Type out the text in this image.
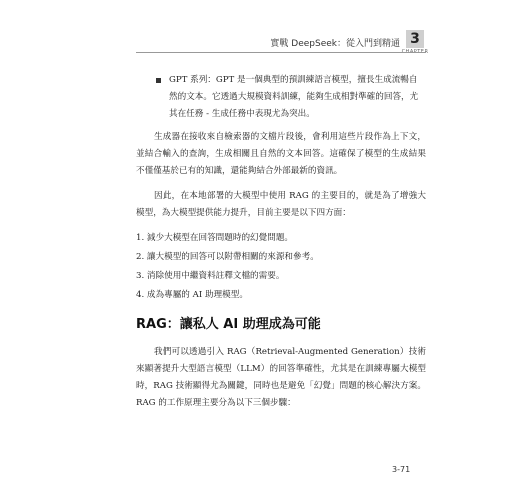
實戰 DeepSeek：從入門到精通 3
CHAPTER
GPT 系列：GPT 是一個典型的預訓練語言模型，擅長生成流暢自然的文本。它透過大規模資料訓練，能夠生成相對準確的回答，尤其在任務 - 生成任務中表現尤為突出。

生成器在接收來自檢索器的文檔片段後，會利用這些片段作為上下文，並結合輸入的查詢，生成相關且自然的文本回答。這確保了模型的生成結果不僅僅基於已有的知識，還能夠結合外部最新的資訊。

因此，在本地部署的大模型中使用 RAG 的主要目的，就是為了增強大模型，為大模型提供能力提升，目前主要是以下四方面：

1. 減少大模型在回答問題時的幻覺問題。
2. 讓大模型的回答可以附帶相關的來源和參考。
3. 消除使用中繼資料註釋文檔的需要。
4. 成為專屬的 AI 助理模型。
RAG：讓私人 AI 助理成為可能

我們可以透過引入 RAG（Retrieval-Augmented Generation）技術來顯著提升大型語言模型（LLM）的回答準確性，尤其是在訓練專屬大模型時，RAG 技術顯得尤為關鍵，同時也是避免「幻覺」問題的核心解決方案。RAG 的工作原理主要分為以下三個步驟：

3-71
